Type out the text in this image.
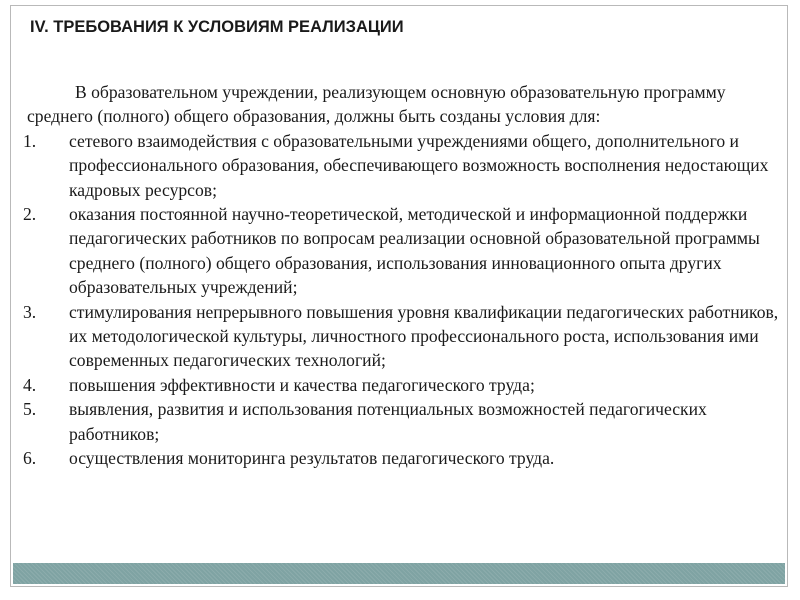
IV. ТРЕБОВАНИЯ К УСЛОВИЯМ РЕАЛИЗАЦИИ

В образовательном учреждении, реализующем основную образовательную программу среднего (полного) общего образования, должны быть созданы условия для:

1. сетевого взаимодействия с образовательными учреждениями общего, дополнительного и профессионального образования, обеспечивающего возможность восполнения недостающих кадровых ресурсов;
2. оказания постоянной научно-теоретической, методической и информационной поддержки педагогических работников по вопросам реализации основной образовательной программы среднего (полного) общего образования, использования инновационного опыта других образовательных учреждений;
3. стимулирования непрерывного повышения уровня квалификации педагогических работников, их методологической культуры, личностного профессионального роста, использования ими современных педагогических технологий;
4. повышения эффективности и качества педагогического труда;
5. выявления, развития и использования потенциальных возможностей педагогических работников;
6. осуществления мониторинга результатов педагогического труда.
